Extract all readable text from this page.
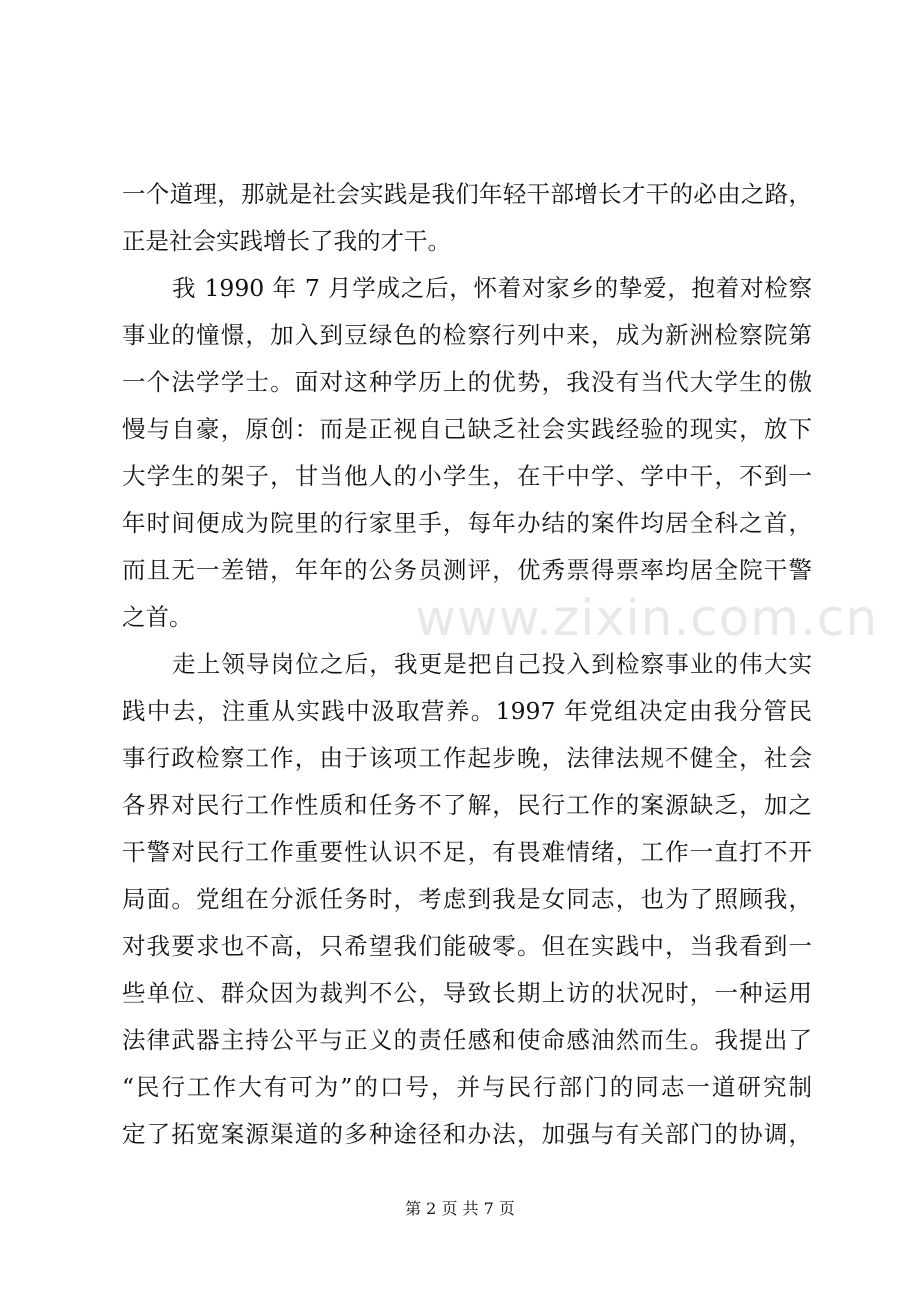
www.zixin.com.cn
一个道理，那就是社会实践是我们年轻干部增长才干的必由之路，
正是社会实践增长了我的才干。
我 1990 年 7 月学成之后，怀着对家乡的挚爱，抱着对检察
事业的憧憬，加入到豆绿色的检察行列中来，成为新洲检察院第
一个法学学士。面对这种学历上的优势，我没有当代大学生的傲
慢与自豪，原创：而是正视自己缺乏社会实践经验的现实，放下
大学生的架子，甘当他人的小学生，在干中学、学中干，不到一
年时间便成为院里的行家里手，每年办结的案件均居全科之首，
而且无一差错，年年的公务员测评，优秀票得票率均居全院干警
之首。
走上领导岗位之后，我更是把自己投入到检察事业的伟大实
践中去，注重从实践中汲取营养。1997 年党组决定由我分管民
事行政检察工作，由于该项工作起步晚，法律法规不健全，社会
各界对民行工作性质和任务不了解，民行工作的案源缺乏，加之
干警对民行工作重要性认识不足，有畏难情绪，工作一直打不开
局面。党组在分派任务时，考虑到我是女同志，也为了照顾我，
对我要求也不高，只希望我们能破零。但在实践中，当我看到一
些单位、群众因为裁判不公，导致长期上访的状况时，一种运用
法律武器主持公平与正义的责任感和使命感油然而生。我提出了
“民行工作大有可为”的口号，并与民行部门的同志一道研究制
定了拓宽案源渠道的多种途径和办法，加强与有关部门的协调，
第 2 页 共 7 页
